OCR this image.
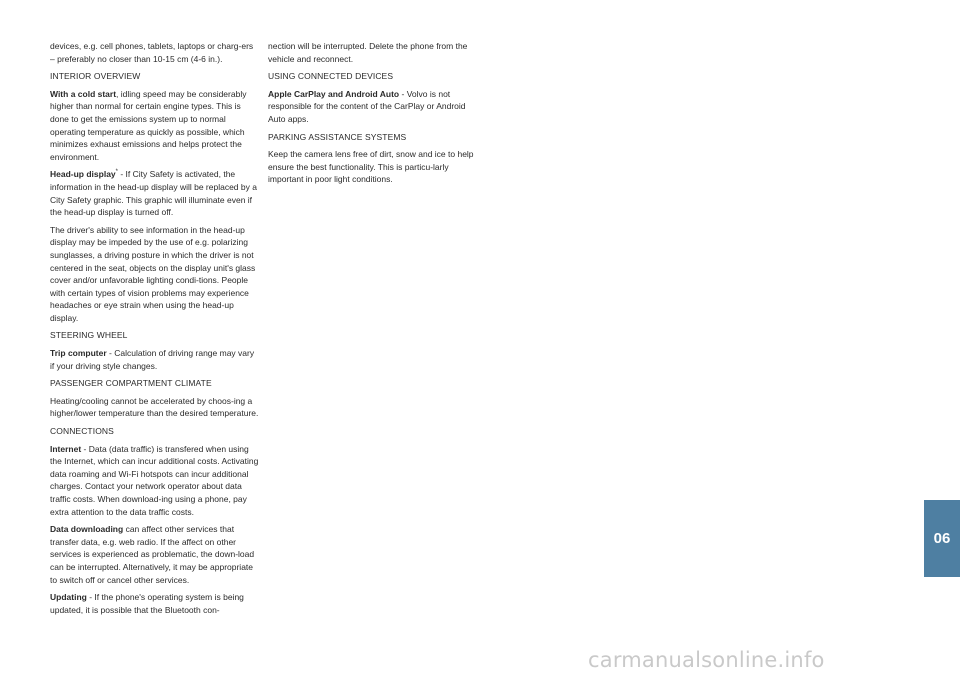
devices, e.g. cell phones, tablets, laptops or charg-ers – preferably no closer than 10-15 cm (4-6 in.).

INTERIOR OVERVIEW

With a cold start, idling speed may be considerably higher than normal for certain engine types. This is done to get the emissions system up to normal operating temperature as quickly as possible, which minimizes exhaust emissions and helps protect the environment.

Head-up display* - If City Safety is activated, the information in the head-up display will be replaced by a City Safety graphic. This graphic will illuminate even if the head-up display is turned off.

The driver's ability to see information in the head-up display may be impeded by the use of e.g. polarizing sunglasses, a driving posture in which the driver is not centered in the seat, objects on the display unit's glass cover and/or unfavorable lighting condi-tions. People with certain types of vision problems may experience headaches or eye strain when using the head-up display.

STEERING WHEEL

Trip computer - Calculation of driving range may vary if your driving style changes.

PASSENGER COMPARTMENT CLIMATE

Heating/cooling cannot be accelerated by choos-ing a higher/lower temperature than the desired temperature.

CONNECTIONS

Internet - Data (data traffic) is transfered when using the Internet, which can incur additional costs. Activating data roaming and Wi-Fi hotspots can incur additional charges. Contact your network operator about data traffic costs. When download-ing using a phone, pay extra attention to the data traffic costs.

Data downloading can affect other services that transfer data, e.g. web radio. If the affect on other services is experienced as problematic, the down-load can be interrupted. Alternatively, it may be appropriate to switch off or cancel other services.

Updating - If the phone's operating system is being updated, it is possible that the Bluetooth con-

nection will be interrupted. Delete the phone from the vehicle and reconnect.

USING CONNECTED DEVICES

Apple CarPlay and Android Auto - Volvo is not responsible for the content of the CarPlay or Android Auto apps.

PARKING ASSISTANCE SYSTEMS

Keep the camera lens free of dirt, snow and ice to help ensure the best functionality. This is particu-larly important in poor light conditions.

06
carmanualsonline.info
